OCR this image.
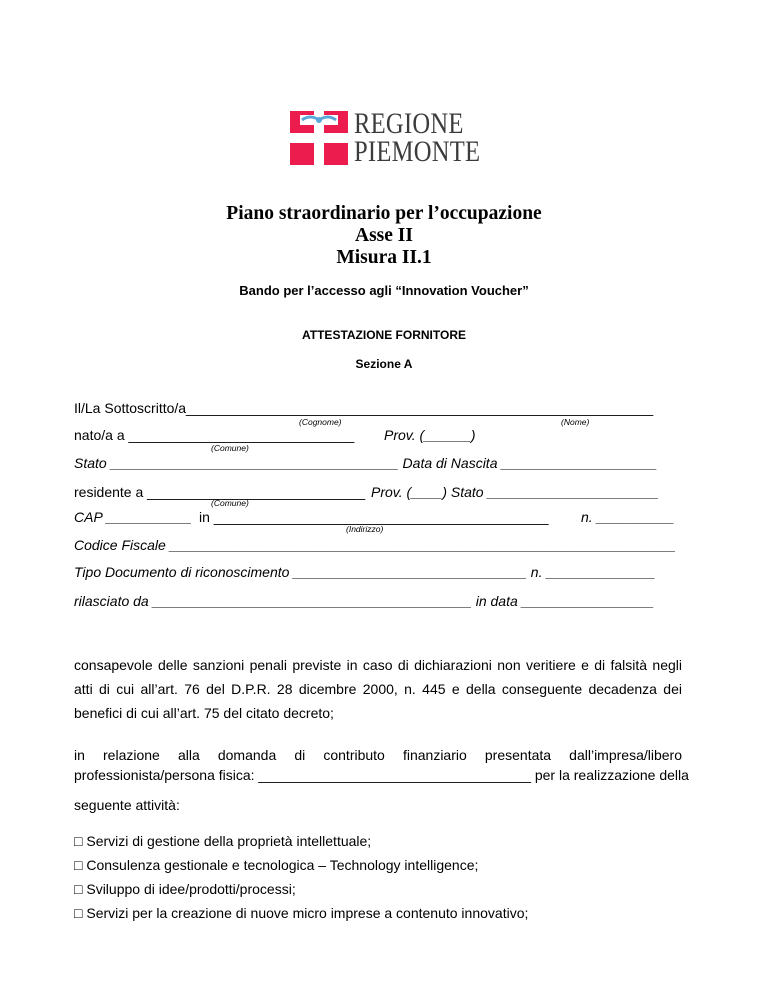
REGIONE
PIEMONTE
Piano straordinario per l’occupazione
Asse II
Misura II.1
Bando per l’accesso agli “Innovation Voucher”
ATTESTAZIONE FORNITORE
Sezione A
Il/La Sottoscritto/a____________________________________________________________
(Cognome)	(Nome)
nato/a a _____________________________ Prov. (______)
(Comune)
Stato _____________________________________ Data di Nascita ____________________
residente a ____________________________ Prov. (____) Stato ______________________
(Comune)
CAP ___________ in ___________________________________________ n. __________
(Indirizzo)
Codice Fiscale _________________________________________________________________
Tipo Documento di riconoscimento ______________________________ n. ______________
rilasciato da _________________________________________ in data _________________
consapevole delle sanzioni penali previste in caso di dichiarazioni non veritiere e di falsità negli atti di cui all’art. 76 del D.P.R. 28 dicembre 2000, n. 445 e della conseguente decadenza dei benefici di cui all’art. 75 del citato decreto;
in relazione alla domanda di contributo finanziario presentata dall’impresa/libero
professionista/persona fisica: ___________________________________ per la realizzazione della
seguente attività:
□ Servizi di gestione della proprietà intellettuale;
□ Consulenza gestionale e tecnologica – Technology intelligence;
□ Sviluppo di idee/prodotti/processi;
□ Servizi per la creazione di nuove micro imprese a contenuto innovativo;
